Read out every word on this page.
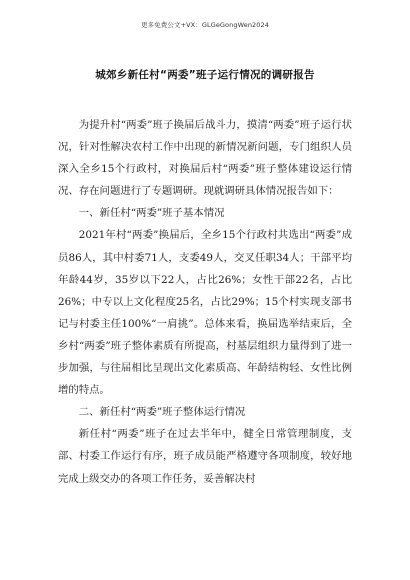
更多免费公文+VX：GLGeGongWen2024
城郊乡新任村“两委”班子运行情况的调研报告

为提升村“两委”班子换届后战斗力，摸清“两委”班子运行状况，针对性解决农村工作中出现的新情况新问题，专门组织人员深入全乡15个行政村，对换届后村“两委”班子整体建设运行情况、存在问题进行了专题调研。现就调研具体情况报告如下：

一、新任村“两委”班子基本情况

2021年村“两委”换届后，全乡15个行政村共选出“两委”成员86人，其中村委71人，支委49人，交叉任职34人；干部平均年龄44岁，35岁以下22人，占比26%；女性干部22名，占比26%；中专以上文化程度25名，占比29%；15个村实现支部书记与村委主任100%“一肩挑”。总体来看，换届选举结束后，全乡村“两委”班子整体素质有所提高，村基层组织力量得到了进一步加强，与往届相比呈现出文化素质高、年龄结构轻、女性比例增的特点。

二、新任村“两委”班子整体运行情况

新任村“两委”班子在过去半年中，健全日常管理制度，支部、村委工作运行有序，班子成员能严格遵守各项制度，较好地完成上级交办的各项工作任务，妥善解决村
